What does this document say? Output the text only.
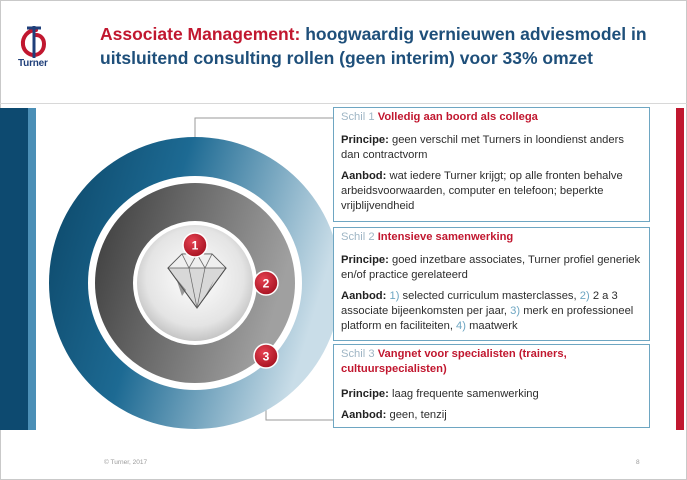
Turner
Associate Management: hoogwaardig vernieuwen adviesmodel in uitsluitend consulting rollen (geen interim) voor 33% omzet
1
2
3
Schil 1 Volledig aan boord als collega

Principe: geen verschil met Turners in loondienst anders dan contractvorm

Aanbod: wat iedere Turner krijgt; op alle fronten behalve arbeidsvoorwaarden, computer en telefoon; beperkte vrijblijvendheid

Schil 2 Intensieve samenwerking

Principe: goed inzetbare associates, Turner profiel generiek en/of practice gerelateerd

Aanbod: 1) selected curriculum masterclasses, 2) 2 a 3 associate bijeenkomsten per jaar, 3) merk en professioneel platform en faciliteiten, 4) maatwerk

Schil 3 Vangnet voor specialisten (trainers, cultuurspecialisten)

Principe: laag frequente samenwerking

Aanbod: geen, tenzij

© Turner, 2017	8
